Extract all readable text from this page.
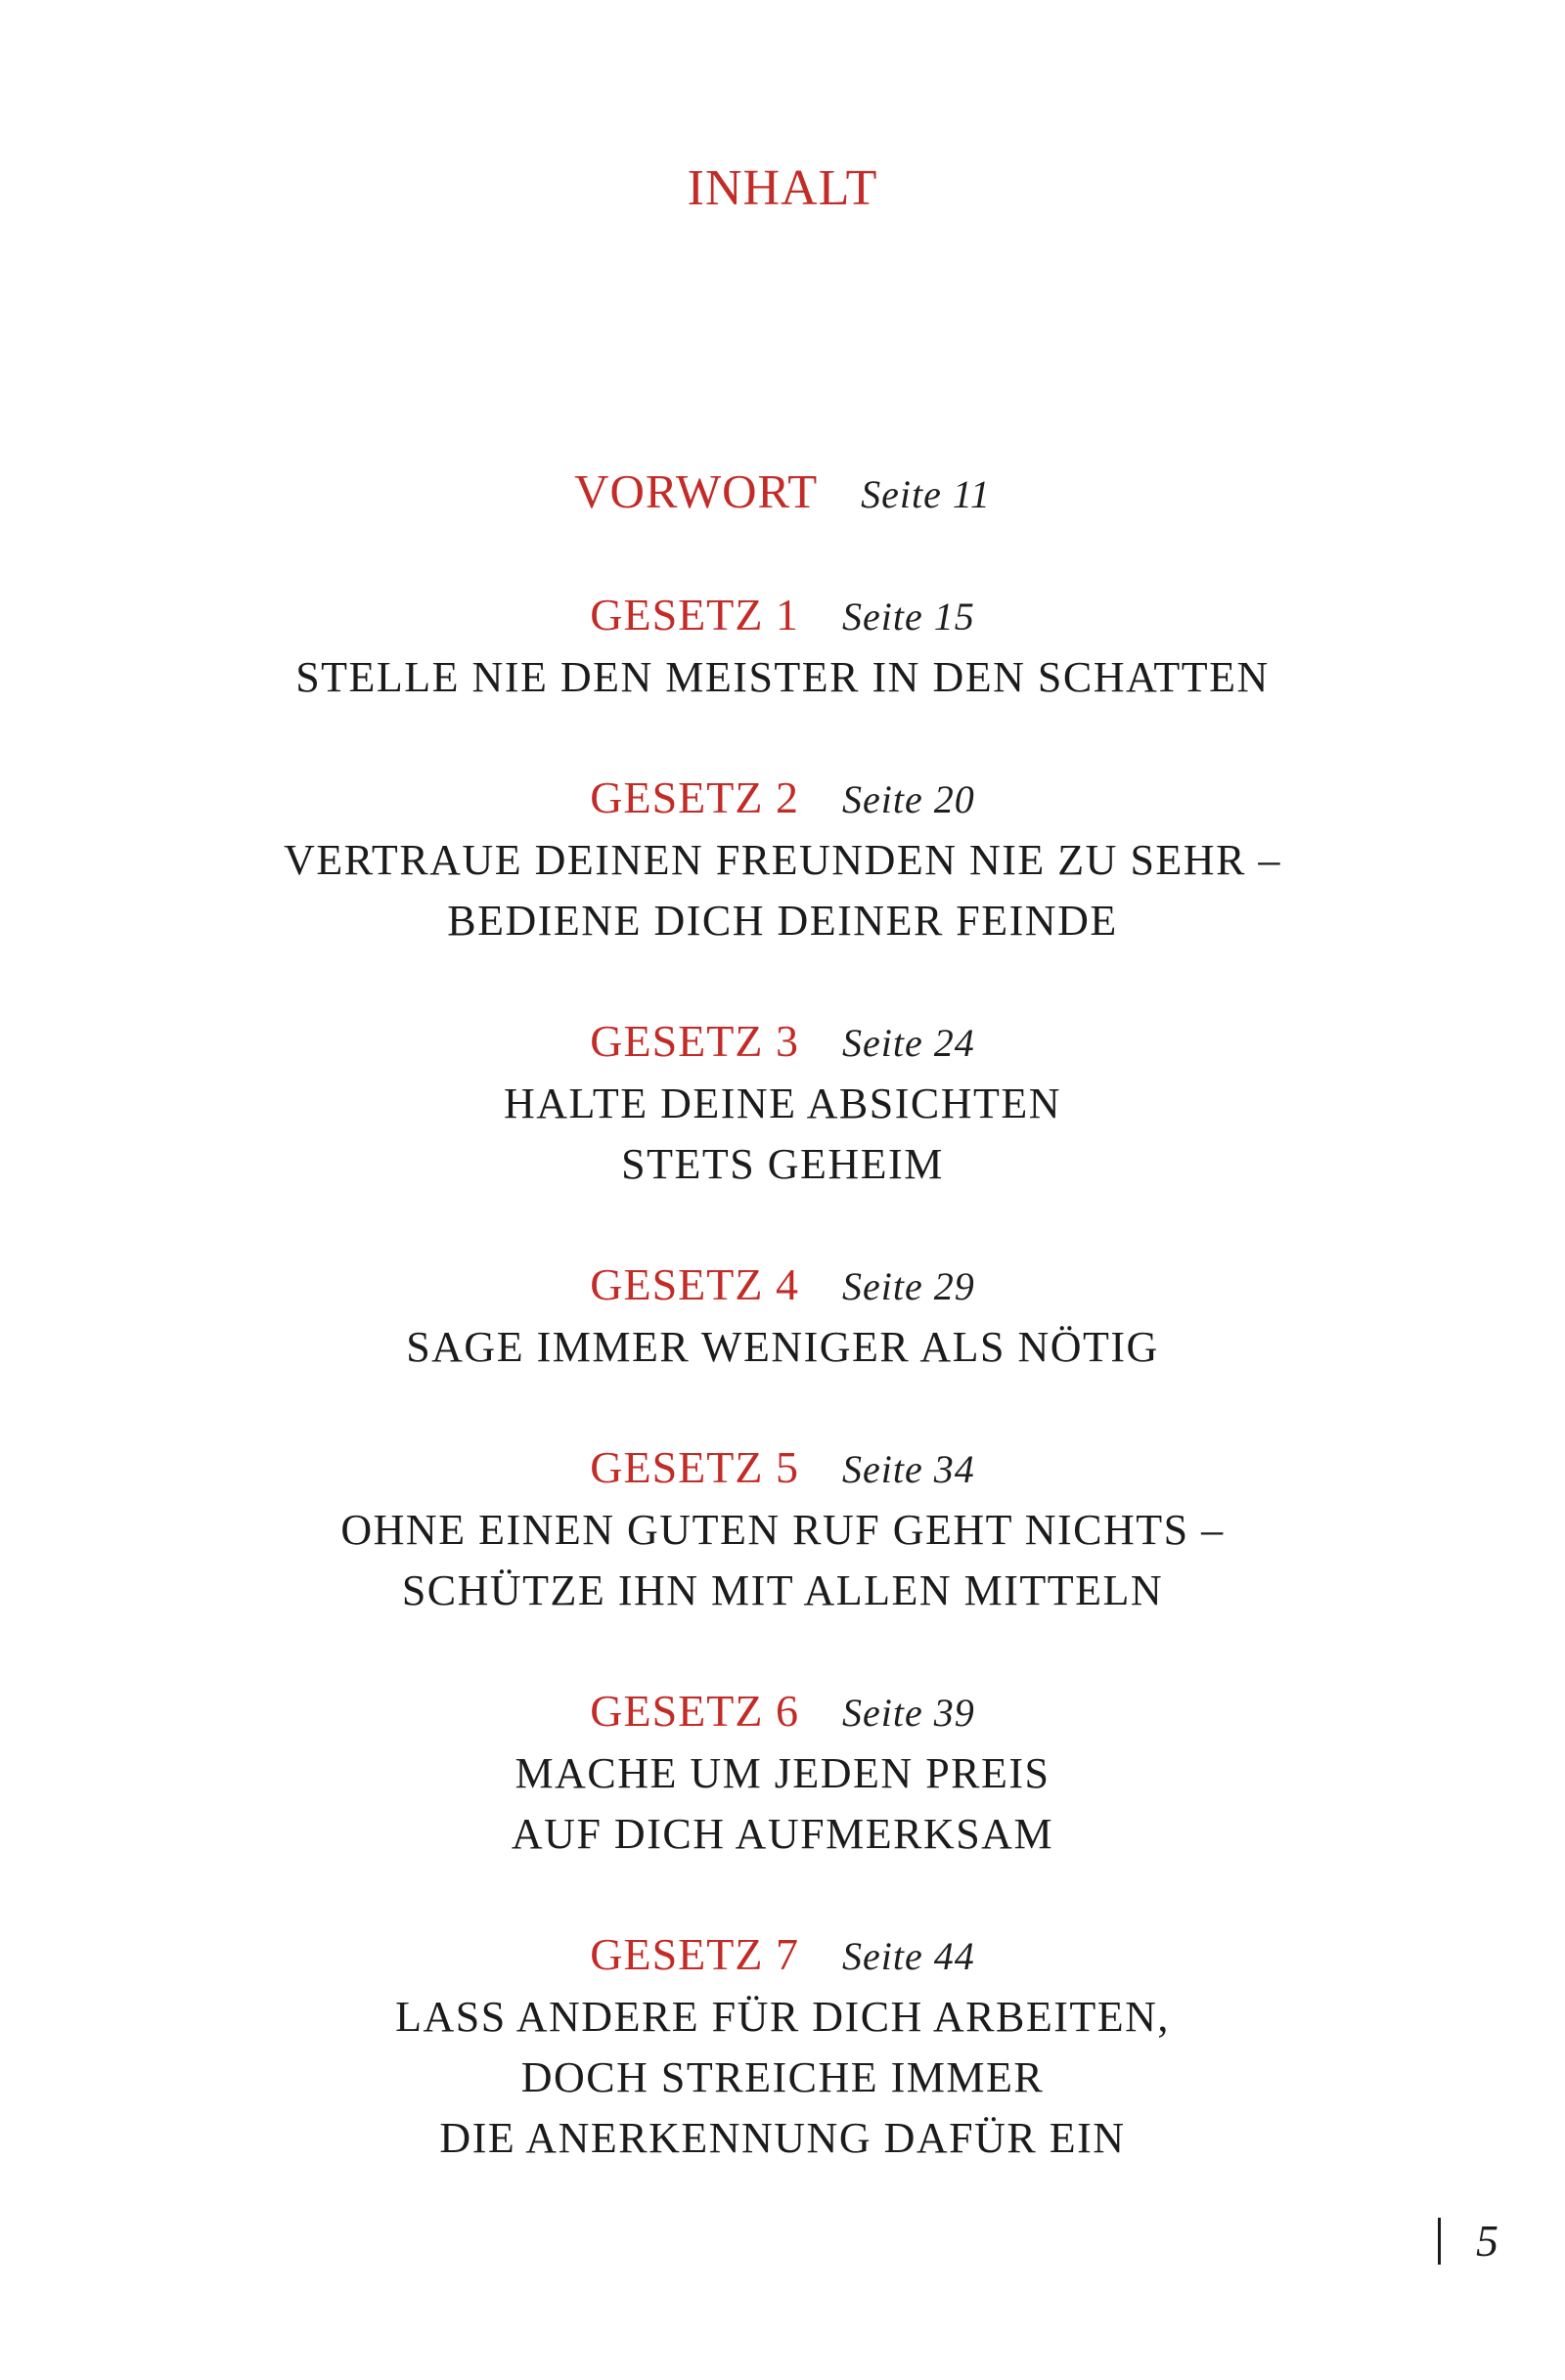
INHALT
VORWORT Seite 11
GESETZ 1 Seite 15
STELLE NIE DEN MEISTER IN DEN SCHATTEN
GESETZ 2 Seite 20
VERTRAUE DEINEN FREUNDEN NIE ZU SEHR –
BEDIENE DICH DEINER FEINDE
GESETZ 3 Seite 24
HALTE DEINE ABSICHTEN
STETS GEHEIM
GESETZ 4 Seite 29
SAGE IMMER WENIGER ALS NÖTIG
GESETZ 5 Seite 34
OHNE EINEN GUTEN RUF GEHT NICHTS –
SCHÜTZE IHN MIT ALLEN MITTELN
GESETZ 6 Seite 39
MACHE UM JEDEN PREIS
AUF DICH AUFMERKSAM
GESETZ 7 Seite 44
LASS ANDERE FÜR DICH ARBEITEN,
DOCH STREICHE IMMER
DIE ANERKENNUNG DAFÜR EIN
5
